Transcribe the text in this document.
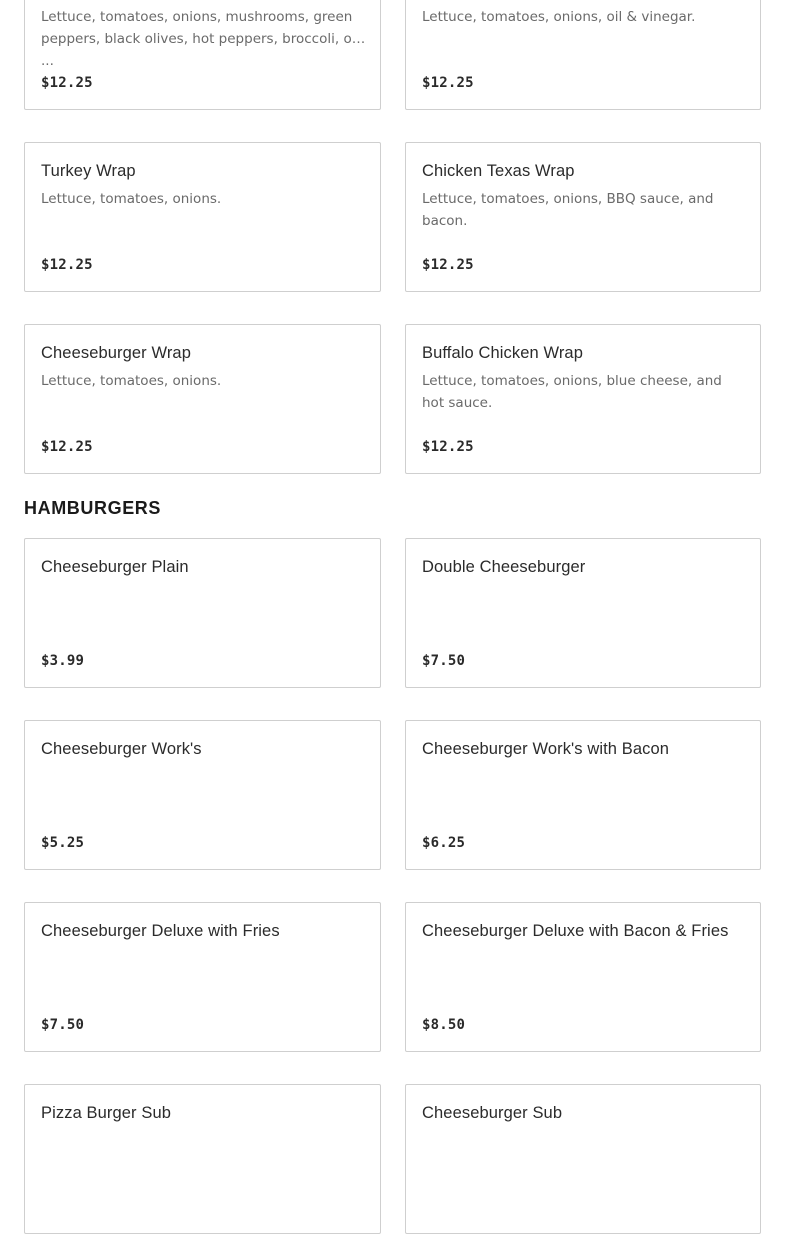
Lettuce, tomatoes, onions, mushrooms, green peppers, black olives, hot peppers, broccoli, oil ...
$12.25
Lettuce, tomatoes, onions, oil & vinegar.
$12.25
Turkey Wrap
Lettuce, tomatoes, onions.
$12.25
Chicken Texas Wrap
Lettuce, tomatoes, onions, BBQ sauce, and bacon.
$12.25
Cheeseburger Wrap
Lettuce, tomatoes, onions.
$12.25
Buffalo Chicken Wrap
Lettuce, tomatoes, onions, blue cheese, and hot sauce.
$12.25
HAMBURGERS
Cheeseburger Plain
$3.99
Double Cheeseburger
$7.50
Cheeseburger Work's
$5.25
Cheeseburger Work's with Bacon
$6.25
Cheeseburger Deluxe with Fries
$7.50
Cheeseburger Deluxe with Bacon & Fries
$8.50
Pizza Burger Sub	Cheeseburger Sub
